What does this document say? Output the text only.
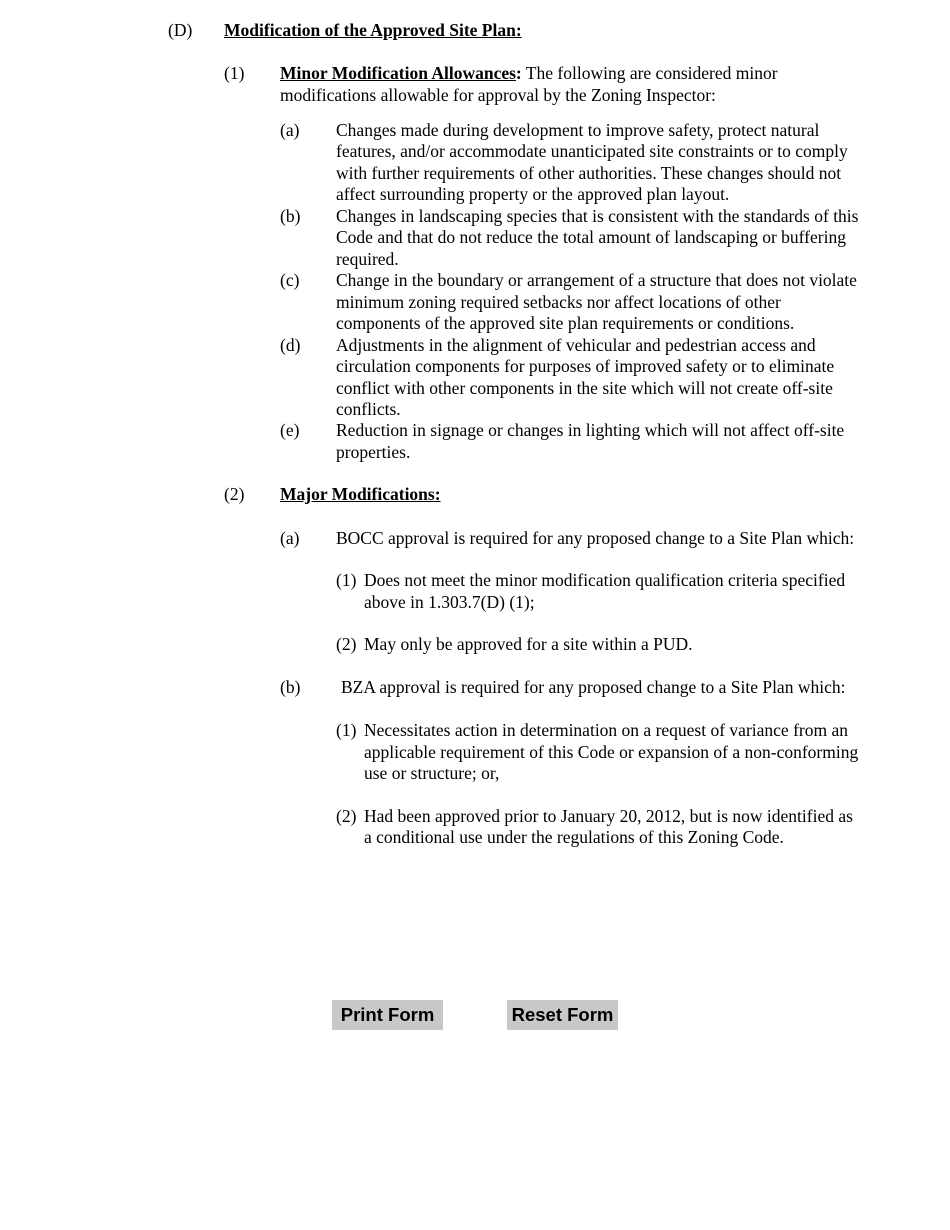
(D) Modification of the Approved Site Plan:
(1) Minor Modification Allowances: The following are considered minor
modifications allowable for approval by the Zoning Inspector:
(a) Changes made during development to improve safety, protect natural
features, and/or accommodate unanticipated site constraints or to comply
with further requirements of other authorities. These changes should not
affect surrounding property or the approved plan layout.
(b) Changes in landscaping species that is consistent with the standards of this
Code and that do not reduce the total amount of landscaping or buffering
required.
(c) Change in the boundary or arrangement of a structure that does not violate
minimum zoning required setbacks nor affect locations of other
components of the approved site plan requirements or conditions.
(d) Adjustments in the alignment of vehicular and pedestrian access and
circulation components for purposes of improved safety or to eliminate
conflict with other components in the site which will not create off-site
conflicts.
(e) Reduction in signage or changes in lighting which will not affect off-site
properties.
(2) Major Modifications:
(a) BOCC approval is required for any proposed change to a Site Plan which:
(1) Does not meet the minor modification qualification criteria specified
above in 1.303.7(D) (1);
(2) May only be approved for a site within a PUD.
(b) BZA approval is required for any proposed change to a Site Plan which:
(1) Necessitates action in determination on a request of variance from an
applicable requirement of this Code or expansion of a non-conforming
use or structure; or,
(2) Had been approved prior to January 20, 2012, but is now identified as
a conditional use under the regulations of this Zoning Code.
Print Form	Reset Form
